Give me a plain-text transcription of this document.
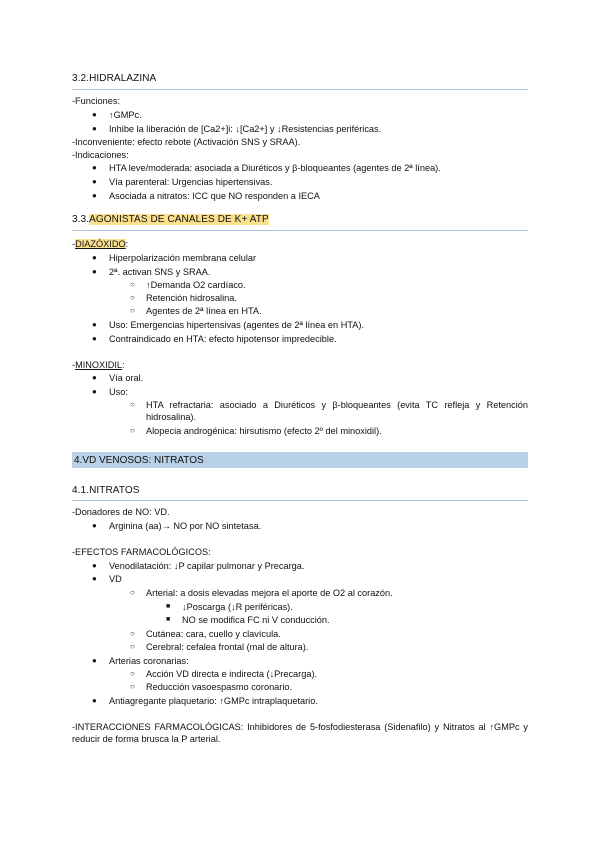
3.2.HIDRALAZINA
-Funciones:
● ↑GMPc.
● Inhibe la liberación de [Ca2+]i: ↓[Ca2+] y ↓Resistencias periféricas.
-Inconveniente: efecto rebote (Activación SNS y SRAA).
-Indicaciones:
● HTA leve/moderada: asociada a Diuréticos y β-bloqueantes (agentes de 2ª línea).
● Vía parenteral: Urgencias hipertensivas.
● Asociada a nitratos: ICC que NO responden a IECA
3.3.AGONISTAS DE CANALES DE K+ ATP
-DIAZÓXIDO:
● Hiperpolarización membrana celular
● 2ª. activan SNS y SRAA.
○ ↑Demanda O2 cardíaco.
○ Retención hidrosalina.
○ Agentes de 2ª línea en HTA.
● Uso: Emergencias hipertensivas (agentes de 2ª línea en HTA).
● Contraindicado en HTA: efecto hipotensor impredecible.
-MINOXIDIL:
● Vía oral.
● Uso:
○ HTA refractaria: asociado a Diuréticos y β-bloqueantes (evita TC refleja y Retención hidrosalina).
○ Alopecia androgénica: hirsutismo (efecto 2º del minoxidil).
4.VD VENOSOS: NITRATOS
4.1.NITRATOS
-Donadores de NO: VD.
● Arginina (aa)→ NO por NO sintetasa.
-EFECTOS FARMACOLÓGICOS:
● Venodilatación: ↓P capilar pulmonar y Precarga.
● VD
○ Arterial: a dosis elevadas mejora el aporte de O2 al corazón.
■ ↓Poscarga (↓R periféricas).
■ NO se modifica FC ni V conducción.
○ Cutánea: cara, cuello y clavícula.
○ Cerebral: cefalea frontal (mal de altura).
● Arterias coronarias:
○ Acción VD directa e indirecta (↓Precarga).
○ Reducción vasoespasmo coronario.
● Antiagregante plaquetario: ↑GMPc intraplaquetario.
-INTERACCIONES FARMACOLÓGICAS: Inhibidores de 5-fosfodiesterasa (Sidenafilo) y Nitratos al ↑GMPc y reducir de forma brusca la P arterial.
